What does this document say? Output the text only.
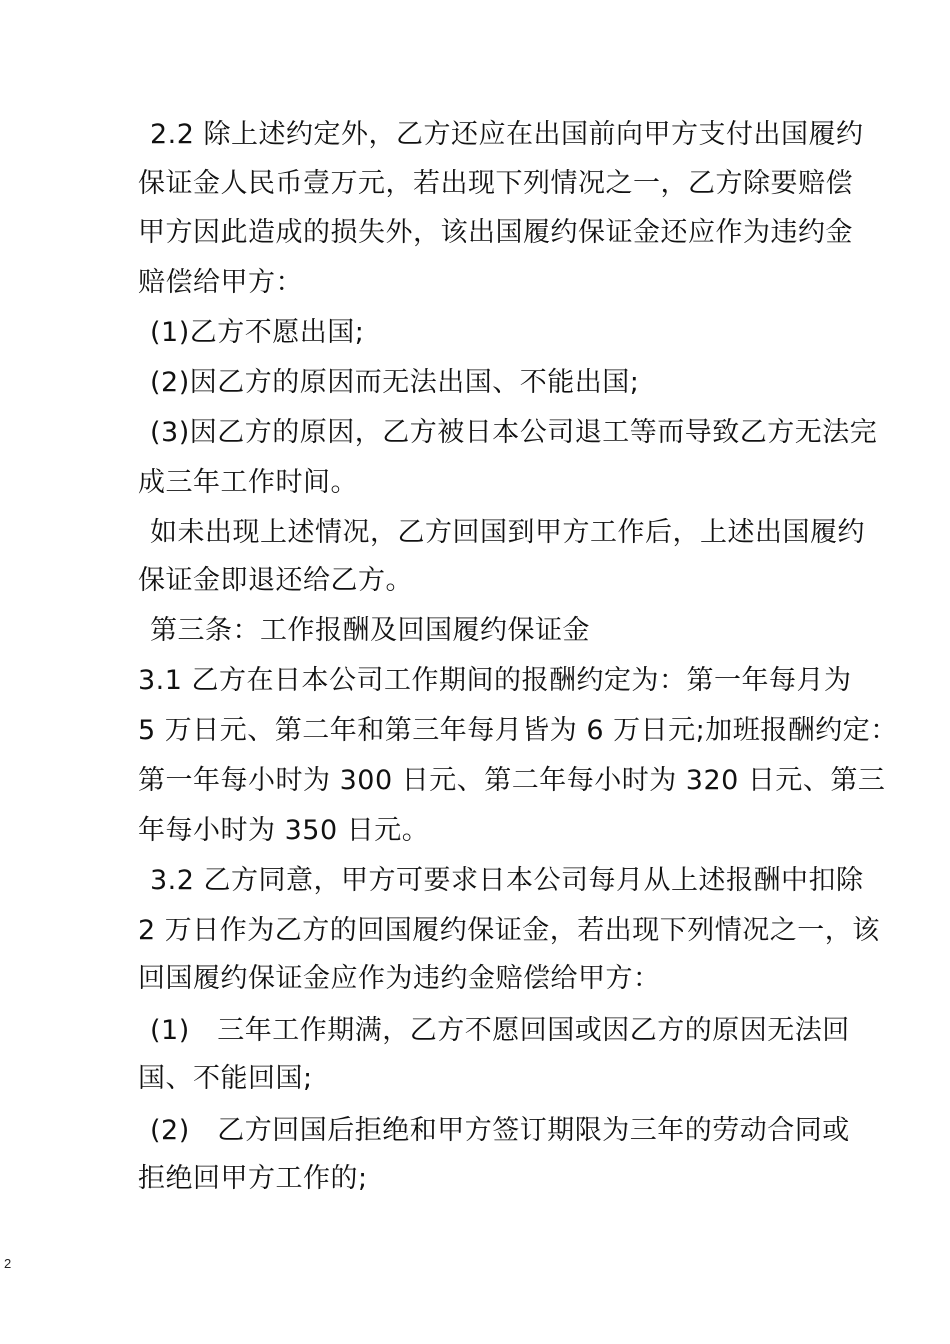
2.2 除上述约定外，乙方还应在出国前向甲方支付出国履约
保证金人民币壹万元，若出现下列情况之一，乙方除要赔偿
甲方因此造成的损失外，该出国履约保证金还应作为违约金
赔偿给甲方：
(1)乙方不愿出国;
(2)因乙方的原因而无法出国、不能出国;
(3)因乙方的原因，乙方被日本公司退工等而导致乙方无法完
成三年工作时间。
如未出现上述情况，乙方回国到甲方工作后，上述出国履约
保证金即退还给乙方。
第三条：工作报酬及回国履约保证金
3.1 乙方在日本公司工作期间的报酬约定为：第一年每月为
5 万日元、第二年和第三年每月皆为 6 万日元;加班报酬约定：
第一年每小时为 300 日元、第二年每小时为 320 日元、第三
年每小时为 350 日元。
3.2 乙方同意，甲方可要求日本公司每月从上述报酬中扣除
2 万日作为乙方的回国履约保证金，若出现下列情况之一，该
回国履约保证金应作为违约金赔偿给甲方：
(1)　三年工作期满，乙方不愿回国或因乙方的原因无法回
国、不能回国;
(2)　乙方回国后拒绝和甲方签订期限为三年的劳动合同或
拒绝回甲方工作的;
2
